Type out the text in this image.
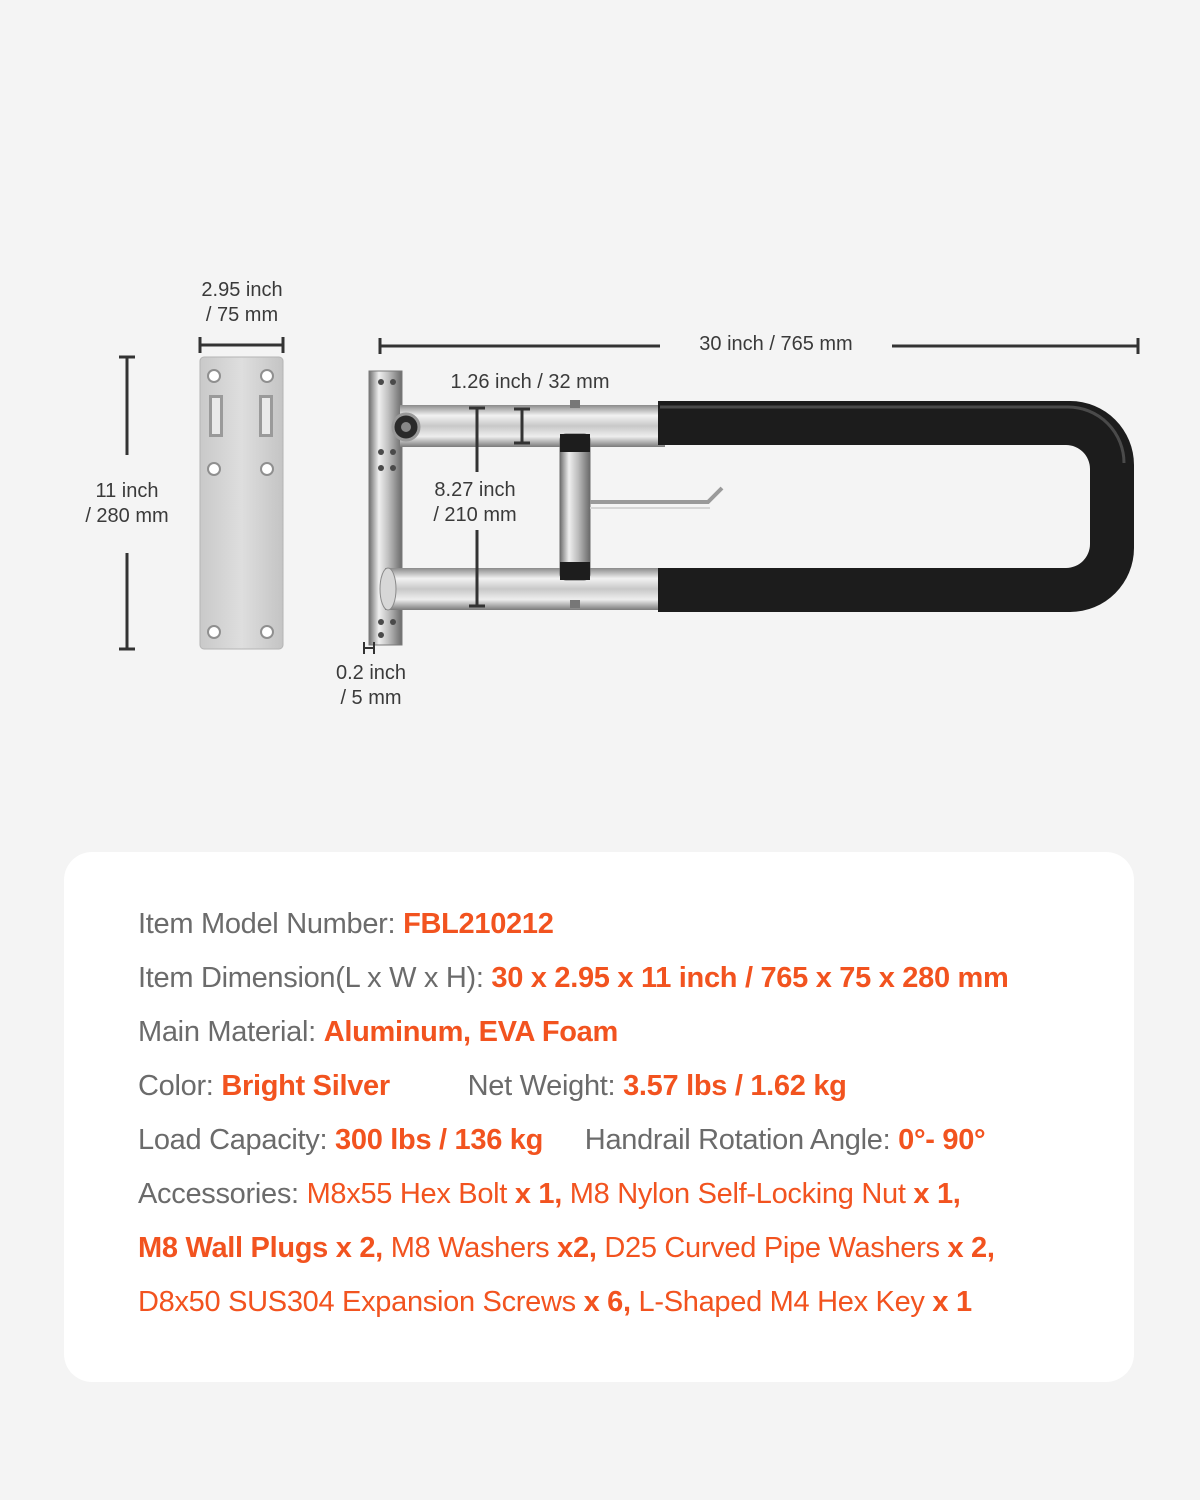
2.95 inch
/ 75 mm
11 inch
/ 280 mm
30 inch / 765 mm
1.26 inch / 32 mm
8.27 inch
/ 210 mm
0.2 inch
/ 5 mm
Item Model Number: FBL210212
Item Dimension(L x W x H): 30 x 2.95 x 11 inch / 765 x 75 x 280 mm
Main Material: Aluminum, EVA Foam
Color: Bright Silver	Net Weight: 3.57 lbs / 1.62 kg
Load Capacity: 300 lbs / 136 kg Handrail Rotation Angle: 0°- 90°
Accessories: M8x55 Hex Bolt x 1, M8 Nylon Self-Locking Nut x 1,
M8 Wall Plugs x 2, M8 Washers x2, D25 Curved Pipe Washers x 2,
D8x50 SUS304 Expansion Screws x 6, L-Shaped M4 Hex Key x 1
